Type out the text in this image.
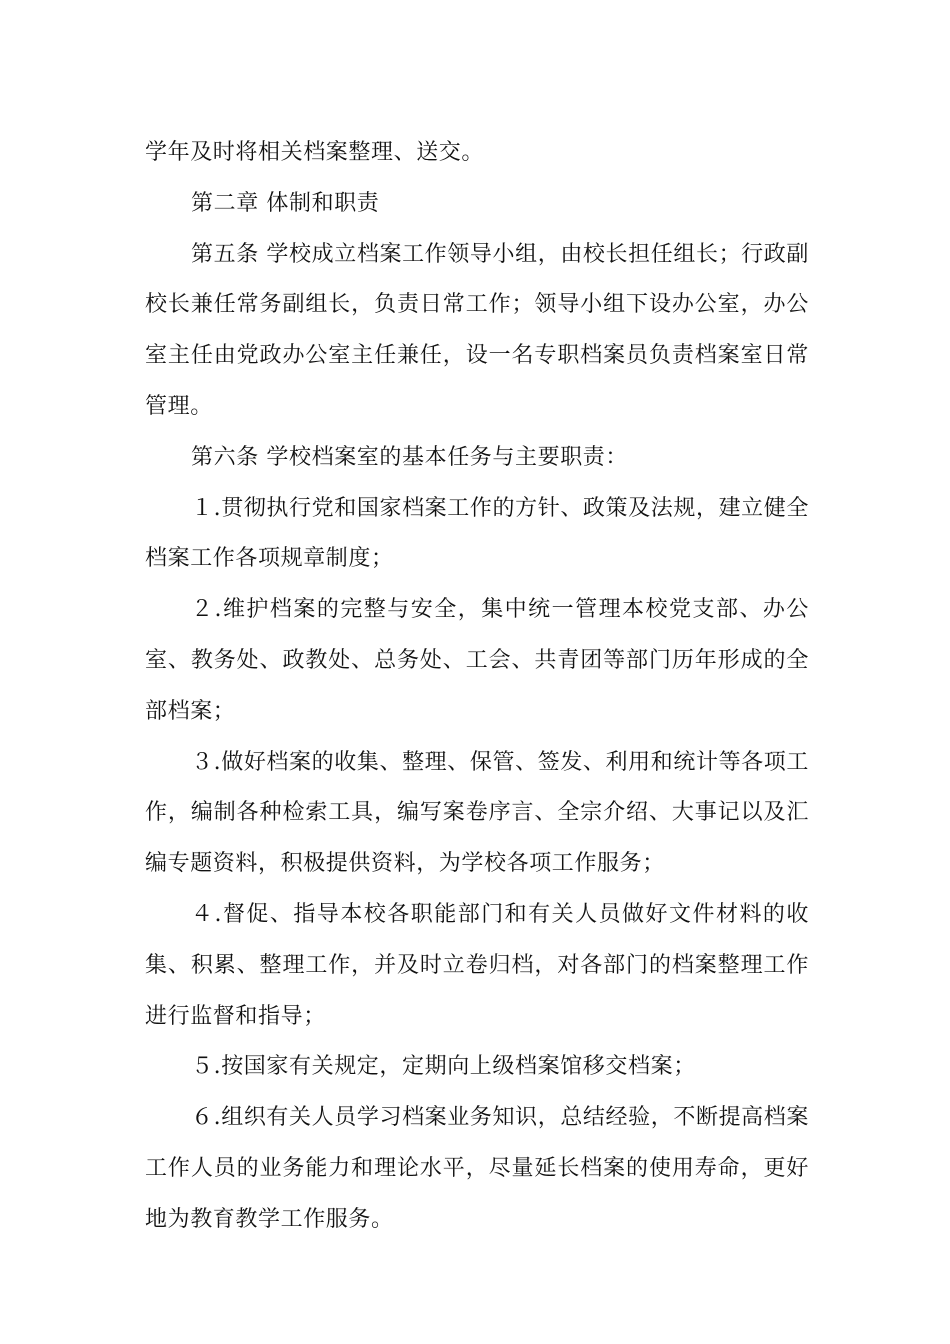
学年及时将相关档案整理、送交。

第二章 体制和职责

第五条 学校成立档案工作领导小组，由校长担任组长；行政副校长兼任常务副组长，负责日常工作；领导小组下设办公室，办公室主任由党政办公室主任兼任，设一名专职档案员负责档案室日常管理。

第六条 学校档案室的基本任务与主要职责：

１.贯彻执行党和国家档案工作的方针、政策及法规，建立健全档案工作各项规章制度；

２.维护档案的完整与安全，集中统一管理本校党支部、办公室、教务处、政教处、总务处、工会、共青团等部门历年形成的全部档案；

３.做好档案的收集、整理、保管、签发、利用和统计等各项工作，编制各种检索工具，编写案卷序言、全宗介绍、大事记以及汇编专题资料，积极提供资料，为学校各项工作服务；

４.督促、指导本校各职能部门和有关人员做好文件材料的收集、积累、整理工作，并及时立卷归档，对各部门的档案整理工作进行监督和指导；

５.按国家有关规定，定期向上级档案馆移交档案；

６.组织有关人员学习档案业务知识，总结经验，不断提高档案工作人员的业务能力和理论水平，尽量延长档案的使用寿命，更好地为教育教学工作服务。
